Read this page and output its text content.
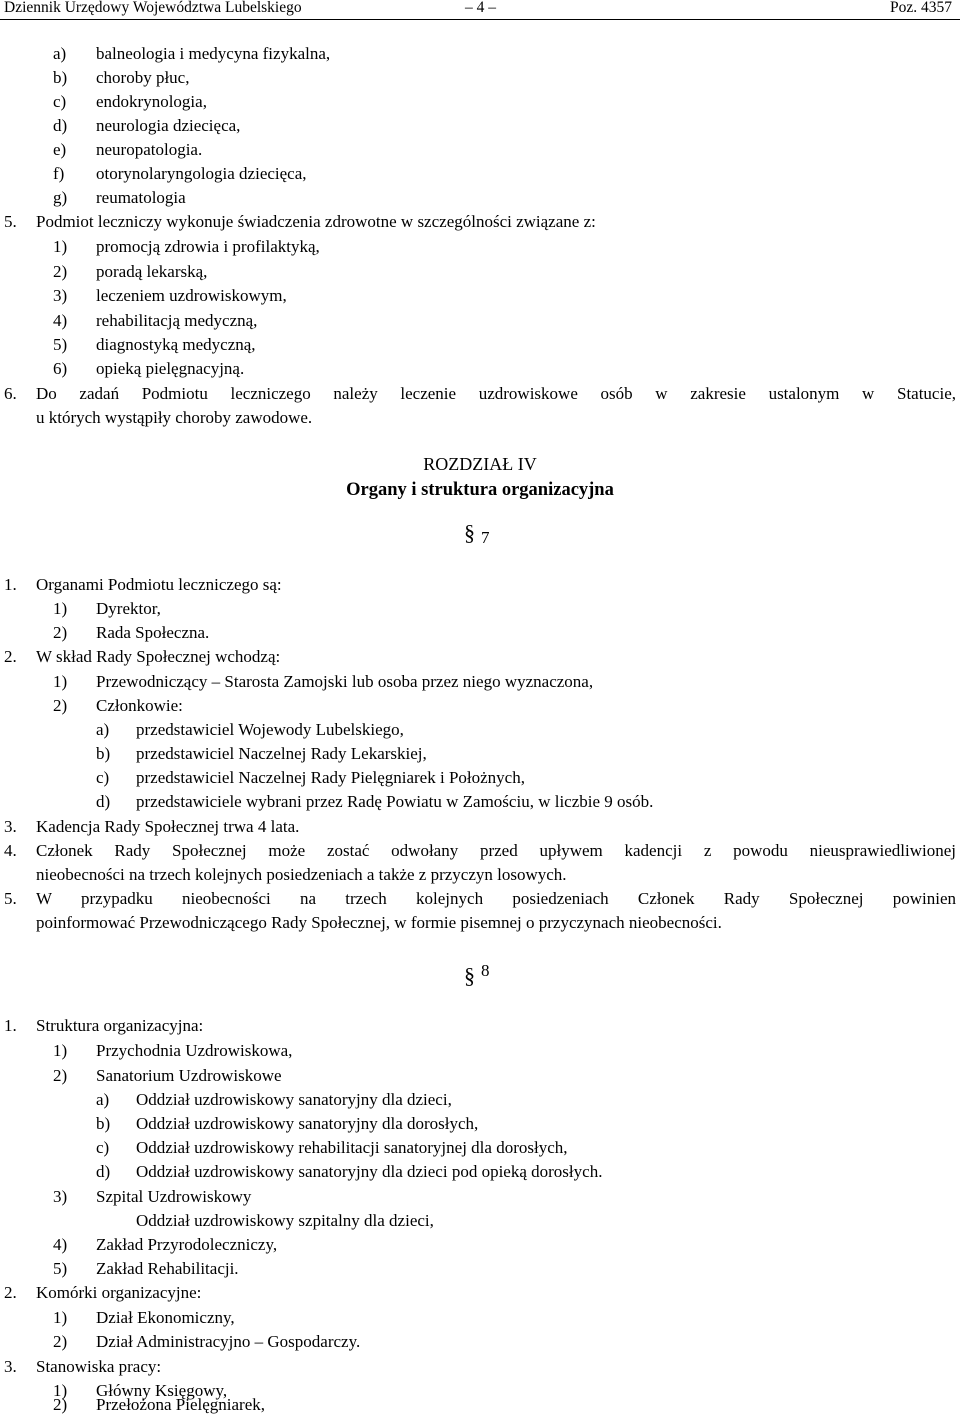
Dziennik Urzędowy Województwa Lubelskiego	– 4 –	Poz. 4357
a) balneologia i medycyna fizykalna,
b) choroby płuc,
c) endokrynologia,
d) neurologia dziecięca,
e) neuropatologia.
f) otorynolaryngologia dziecięca,
g) reumatologia
5. Podmiot leczniczy wykonuje świadczenia zdrowotne w szczególności związane z:
1) promocją zdrowia i profilaktyką,
2) poradą lekarską,
3) leczeniem uzdrowiskowym,
4) rehabilitacją medyczną,
5) diagnostyką medyczną,
6) opieką pielęgnacyjną.
6. Do zadań Podmiotu leczniczego należy leczenie uzdrowiskowe osób w zakresie ustalonym w Statucie,
u których wystąpiły choroby zawodowe.
ROZDZIAŁ IV
Organy i struktura organizacyjna
§ 7
1. Organami Podmiotu leczniczego są:
1) Dyrektor,
2) Rada Społeczna.
2. W skład Rady Społecznej wchodzą:
1) Przewodniczący – Starosta Zamojski lub osoba przez niego wyznaczona,
2) Członkowie:
a) przedstawiciel Wojewody Lubelskiego,
b) przedstawiciel Naczelnej Rady Lekarskiej,
c) przedstawiciel Naczelnej Rady Pielęgniarek i Położnych,
d) przedstawiciele wybrani przez Radę Powiatu w Zamościu, w liczbie 9 osób.
3. Kadencja Rady Społecznej trwa 4 lata.
4. Członek Rady Społecznej może zostać odwołany przed upływem kadencji z powodu nieusprawiedliwionej
nieobecności na trzech kolejnych posiedzeniach a także z przyczyn losowych.
5. W przypadku nieobecności na trzech kolejnych posiedzeniach Członek Rady Społecznej powinien
poinformować Przewodniczącego Rady Społecznej, w formie pisemnej o przyczynach nieobecności.
§ 8
1. Struktura organizacyjna:
1) Przychodnia Uzdrowiskowa,
2) Sanatorium Uzdrowiskowe
a) Oddział uzdrowiskowy sanatoryjny dla dzieci,
b) Oddział uzdrowiskowy sanatoryjny dla dorosłych,
c) Oddział uzdrowiskowy rehabilitacji sanatoryjnej dla dorosłych,
d) Oddział uzdrowiskowy sanatoryjny dla dzieci pod opieką dorosłych.
3) Szpital Uzdrowiskowy
Oddział uzdrowiskowy szpitalny dla dzieci,
4) Zakład Przyrodoleczniczy,
5) Zakład Rehabilitacji.
2. Komórki organizacyjne:
1) Dział Ekonomiczny,
2) Dział Administracyjno – Gospodarczy.
3. Stanowiska pracy:
1) Główny Księgowy,
2) Przełożona Pielęgniarek,
